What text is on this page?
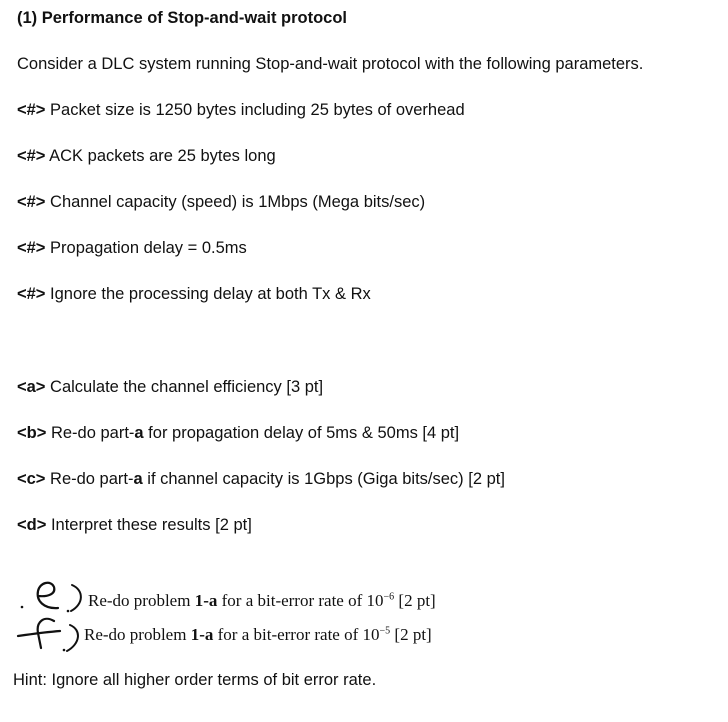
(1) Performance of Stop-and-wait protocol
Consider a DLC system running Stop-and-wait protocol with the following parameters.
<#> Packet size is 1250 bytes including 25 bytes of overhead
<#> ACK packets are 25 bytes long
<#> Channel capacity (speed) is 1Mbps (Mega bits/sec)
<#> Propagation delay = 0.5ms
<#> Ignore the processing delay at both Tx & Rx
<a> Calculate the channel efficiency [3 pt]
<b> Re-do part-a for propagation delay of 5ms & 50ms [4 pt]
<c> Re-do part-a if channel capacity is 1Gbps (Giga bits/sec) [2 pt]
<d> Interpret these results [2 pt]
Re-do problem 1-a for a bit-error rate of $10^{-6}$ [2 pt]
Re-do problem 1-a for a bit-error rate of $10^{-5}$ [2 pt]
Hint: Ignore all higher order terms of bit error rate.
